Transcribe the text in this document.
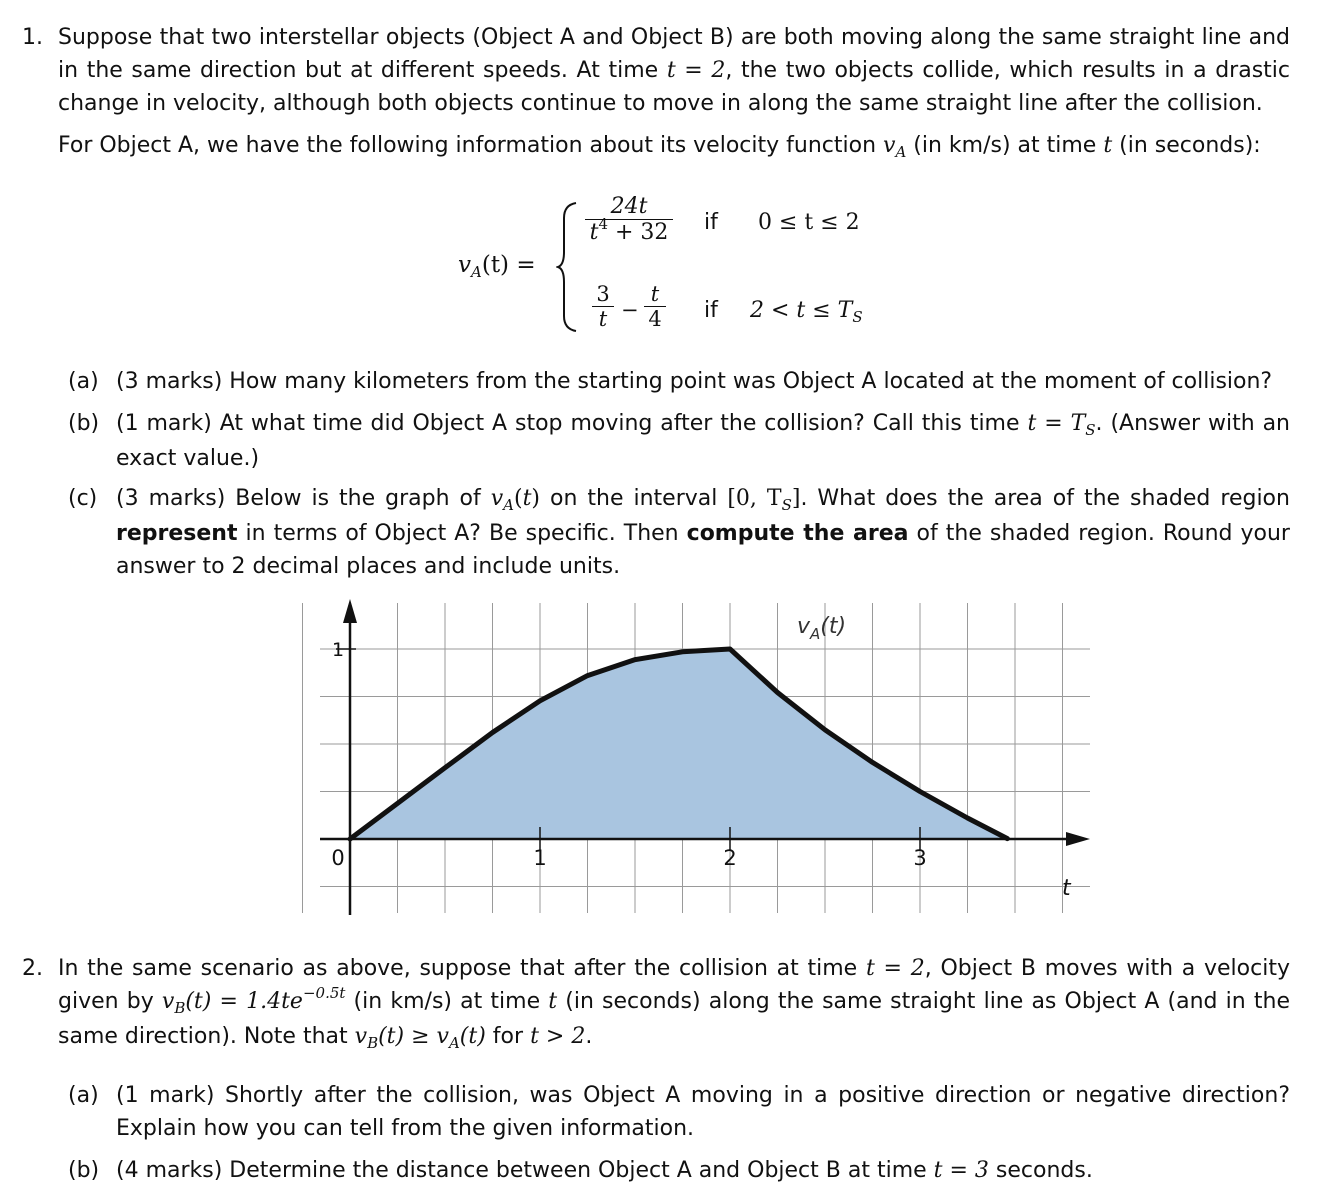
1. Suppose that two interstellar objects (Object A and Object B) are both moving along the same straight line and in the same direction but at different speeds. At time t = 2, the two objects collide, which results in a drastic change in velocity, although both objects continue to move in along the same straight line after the collision.
For Object A, we have the following information about its velocity function $v_A$ (in km/s) at time t (in seconds):
$v_A(t)$ =
$\frac{24t}{t^4 + 32}$ if 0 ≤ t ≤ 2
$\frac{3}{t} - \frac{t}{4}$ if $2 < t \le T_S$
(a) (3 marks) How many kilometers from the starting point was Object A located at the moment of collision?
(b) (1 mark) At what time did Object A stop moving after the collision? Call this time $t = T_S$. (Answer with an exact value.)
(c) (3 marks) Below is the graph of $v_A(t)$ on the interval [0, $T_S$]. What does the area of the shaded region represent in terms of Object A? Be specific. Then compute the area of the shaded region. Round your answer to 2 decimal places and include units.
0	1	2	3
1
t
$v_A(t)$
2. In the same scenario as above, suppose that after the collision at time t = 2, Object B moves with a velocity given by $v_B(t) = 1.4te^{-0.5t}$ (in km/s) at time t (in seconds) along the same straight line as Object A (and in the same direction). Note that $v_B(t) \ge v_A(t)$ for t > 2.
(a) (1 mark) Shortly after the collision, was Object A moving in a positive direction or negative direction? Explain how you can tell from the given information.
(b) (4 marks) Determine the distance between Object A and Object B at time t = 3 seconds.
